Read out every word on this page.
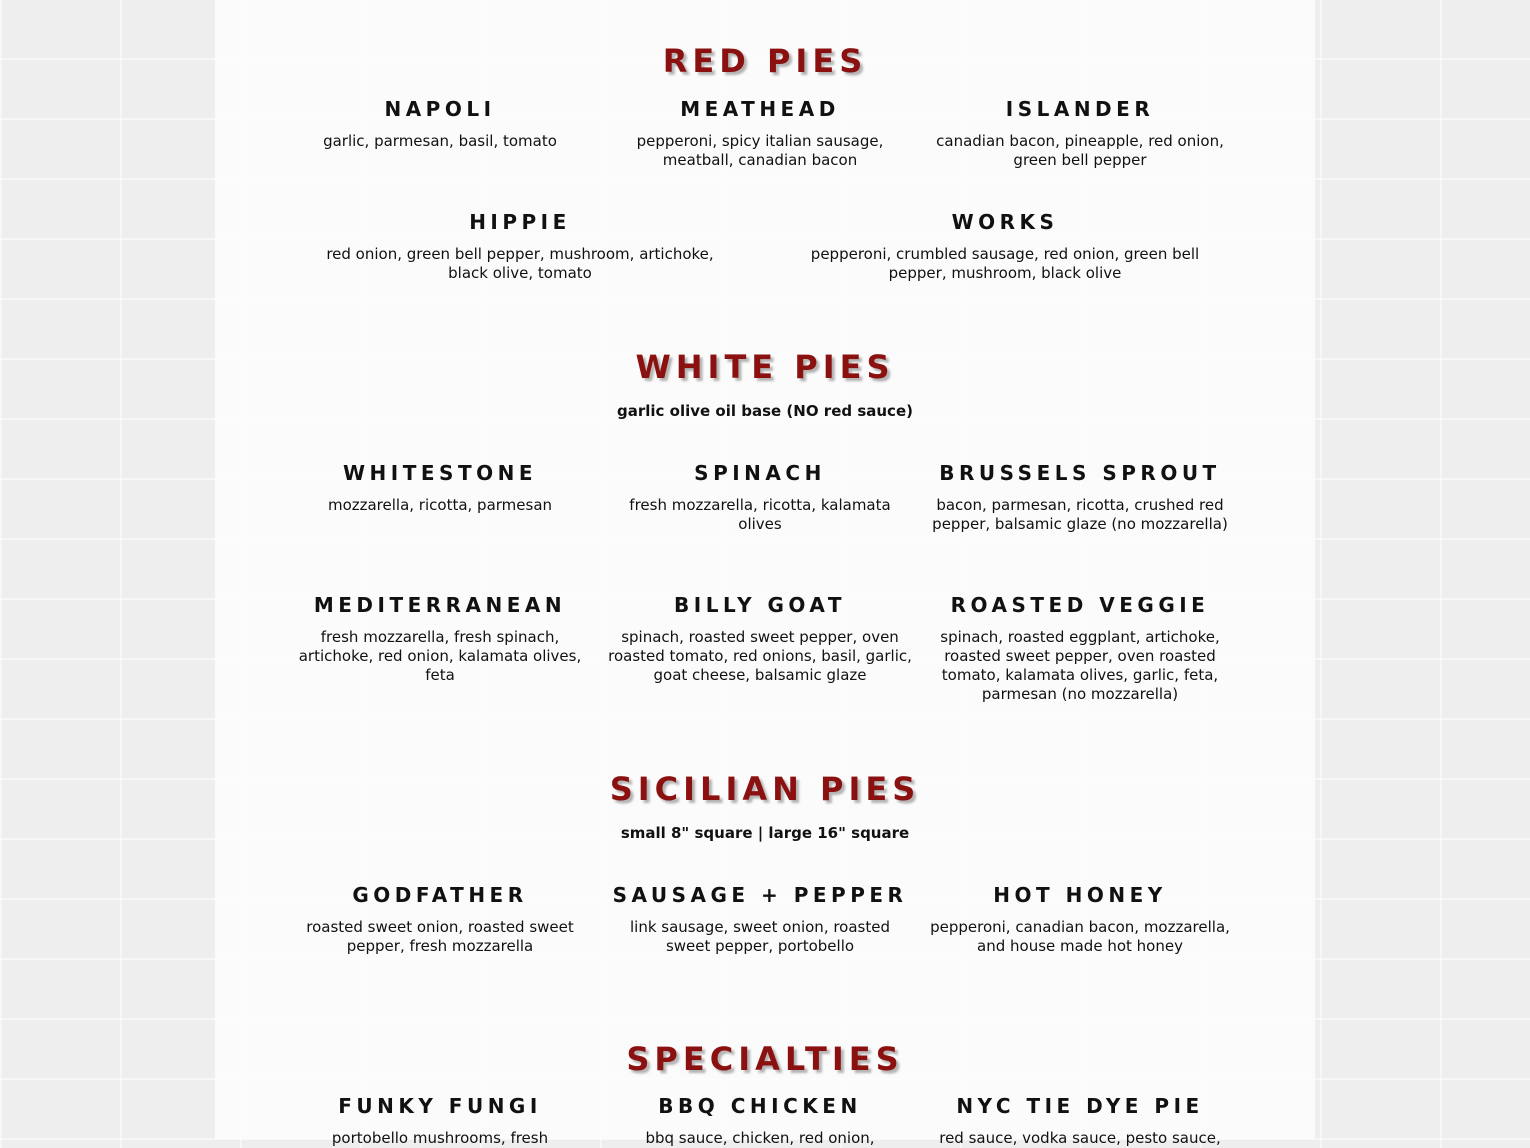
RED PIES
NAPOLI
garlic, parmesan, basil, tomato
MEATHEAD
pepperoni, spicy italian sausage, meatball, canadian bacon
ISLANDER
canadian bacon, pineapple, red onion, green bell pepper
HIPPIE
red onion, green bell pepper, mushroom, artichoke, black olive, tomato
WORKS
pepperoni, crumbled sausage, red onion, green bell pepper, mushroom, black olive
WHITE PIES
garlic olive oil base (NO red sauce)
WHITESTONE
mozzarella, ricotta, parmesan
SPINACH
fresh mozzarella, ricotta, kalamata olives
BRUSSELS SPROUT
bacon, parmesan, ricotta, crushed red pepper, balsamic glaze (no mozzarella)
MEDITERRANEAN
fresh mozzarella, fresh spinach, artichoke, red onion, kalamata olives, feta
BILLY GOAT
spinach, roasted sweet pepper, oven roasted tomato, red onions, basil, garlic, goat cheese, balsamic glaze
ROASTED VEGGIE
spinach, roasted eggplant, artichoke, roasted sweet pepper, oven roasted tomato, kalamata olives, garlic, feta, parmesan (no mozzarella)
SICILIAN PIES
small 8" square | large 16" square
GODFATHER
roasted sweet onion, roasted sweet pepper, fresh mozzarella
SAUSAGE + PEPPER
link sausage, sweet onion, roasted sweet pepper, portobello
HOT HONEY
pepperoni, canadian bacon, mozzarella, and house made hot honey
SPECIALTIES
FUNKY FUNGI
portobello mushrooms, fresh
BBQ CHICKEN
bbq sauce, chicken, red onion,
NYC TIE DYE PIE
red sauce, vodka sauce, pesto sauce,
